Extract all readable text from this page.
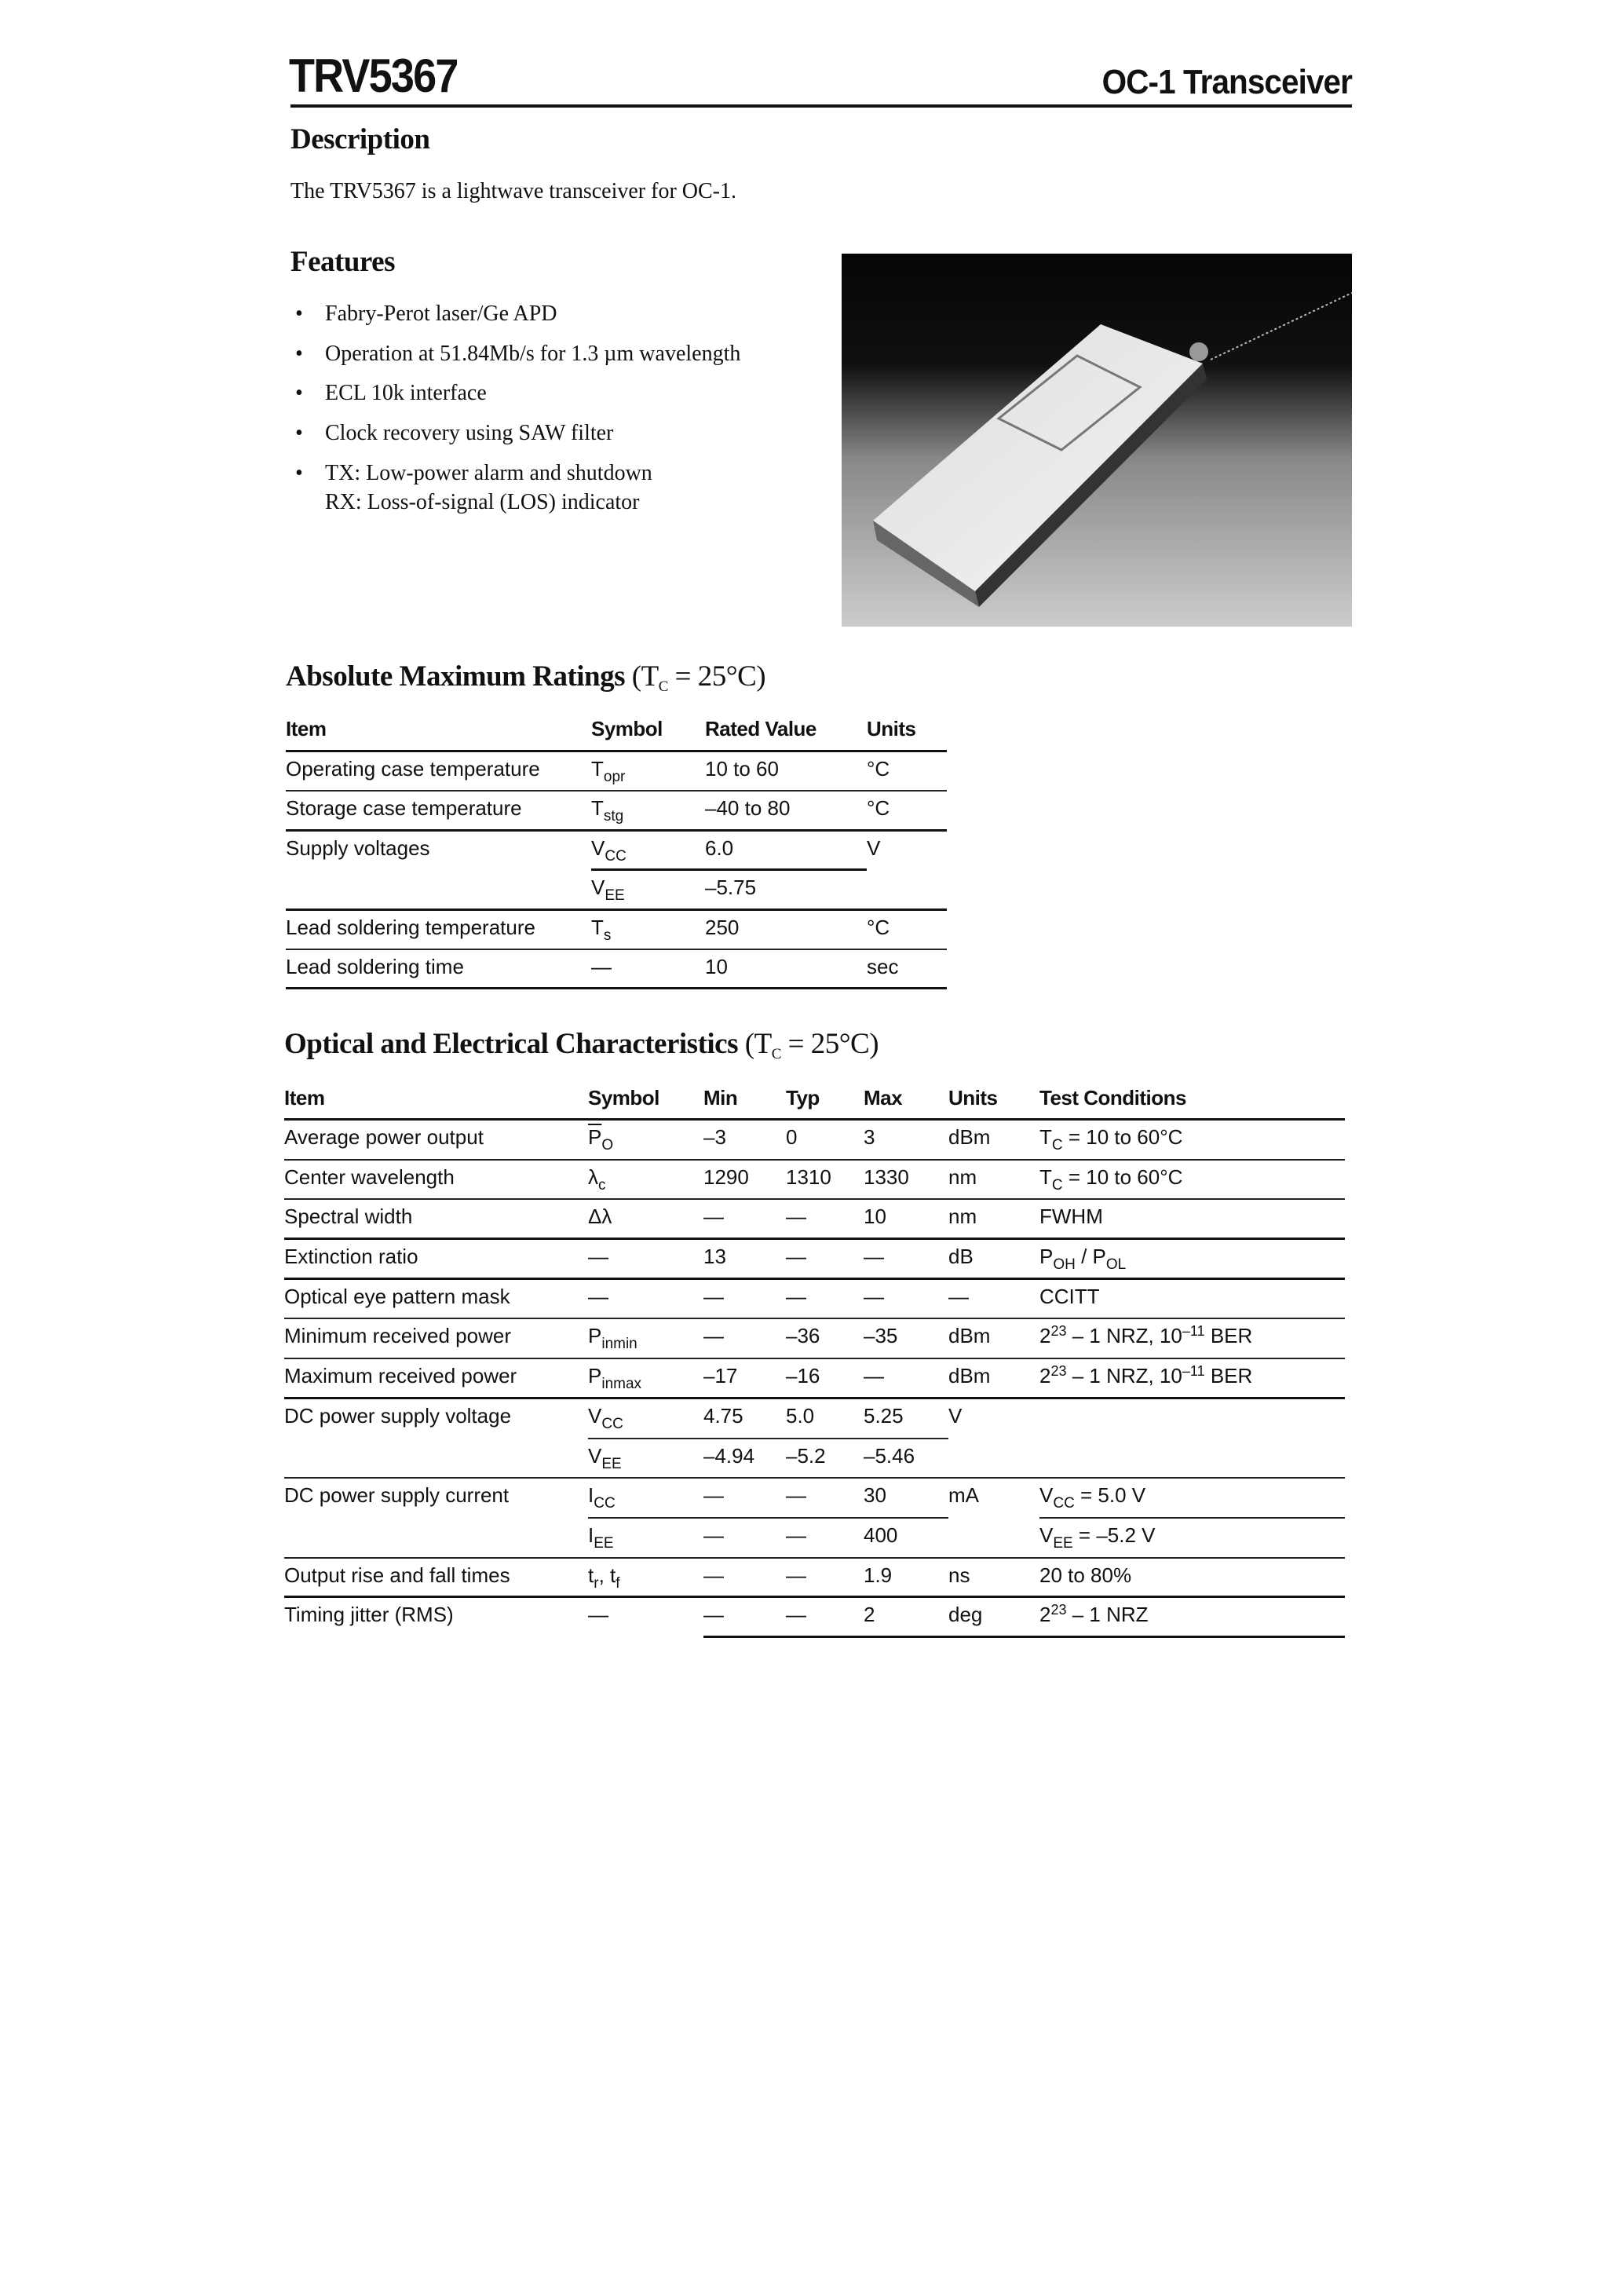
TRV5367	OC-1 Transceiver
Description
The TRV5367 is a lightwave transceiver for OC-1.
Features
• Fabry-Perot laser/Ge APD
• Operation at 51.84Mb/s for 1.3 µm wavelength
• ECL 10k interface
• Clock recovery using SAW filter
• TX: Low-power alarm and shutdown
RX: Loss-of-signal (LOS) indicator
Absolute Maximum Ratings $(T_C = 25^\circ C)$
Item	Symbol	Rated Value	Units
Operating case temperature	$T_{opr}$	10 to 60	°C
Storage case temperature	$T_{stg}$	–40 to 80	°C
Supply voltages	$V_{CC}$	6.0	V
	$V_{EE}$	–5.75	
Lead soldering temperature	$T_s$	250	°C
Lead soldering time	—	10	sec
Optical and Electrical Characteristics $(T_C = 25^\circ C)$
Item	Symbol	Min	Typ	Max	Units	Test Conditions
Average power output	$\overline{P}_O$	–3	0	3	dBm	$T_C = 10$ to 60°C
Center wavelength	$\lambda_c$	1290	1310	1330	nm	$T_C = 10$ to 60°C
Spectral width	Δλ	—	—	10	nm	FWHM
Extinction ratio	—	13	—	—	dB	$P_{OH} / P_{OL}$
Optical eye pattern mask	—	—	—	—	—	CCITT
Minimum received power	$P_{inmin}$	—	–36	–35	dBm	$2^{23} - 1$ NRZ, $10^{-11}$ BER
Maximum received power	$P_{inmax}$	–17	–16	—	dBm	$2^{23} - 1$ NRZ, $10^{-11}$ BER
DC power supply voltage	$V_{CC}$	4.75	5.0	5.25	V	
	$V_{EE}$	–4.94	–5.2	–5.46		
DC power supply current	$I_{CC}$	—	—	30	mA	$V_{CC} = 5.0$ V
	$I_{EE}$	—	—	400		$V_{EE} = -5.2$ V
Output rise and fall times	$t_r$, $t_f$	—	—	1.9	ns	20 to 80%
Timing jitter (RMS)	—	—	—	2	deg	$2^{23} - 1$ NRZ
